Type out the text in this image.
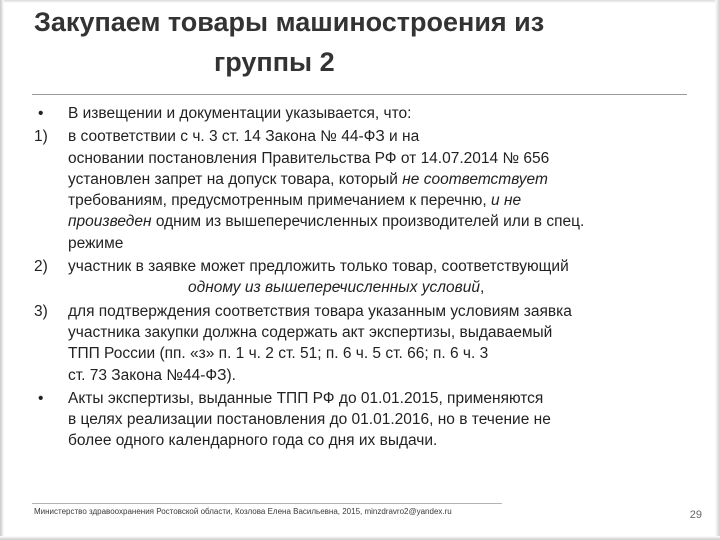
Закупаем товары машиностроения из
группы 2
•	В извещении и документации указывается, что:
1)	в соответствии с ч. 3 ст. 14 Закона № 44-ФЗ и на
основании постановления Правительства РФ от 14.07.2014 № 656
установлен запрет на допуск товара, который не соответствует
требованиям, предусмотренным примечанием к перечню, и не
произведен одним из вышеперечисленных производителей или в спец.
режиме
2)	участник в заявке может предложить только товар, соответствующий
одному из вышеперечисленных условий,
3)	для подтверждения соответствия товара указанным условиям заявка
участника закупки должна содержать акт экспертизы, выдаваемый
ТПП России (пп. «з» п. 1 ч. 2 ст. 51; п. 6 ч. 5 ст. 66; п. 6 ч. 3
ст. 73 Закона №44-ФЗ).
•	Акты экспертизы, выданные ТПП РФ до 01.01.2015, применяются
в целях реализации постановления до 01.01.2016, но в течение не
более одного календарного года со дня их выдачи.
Министерство здравоохранения Ростовской области, Козлова Елена Васильевна, 2015, minzdravro2@yandex.ru	29
